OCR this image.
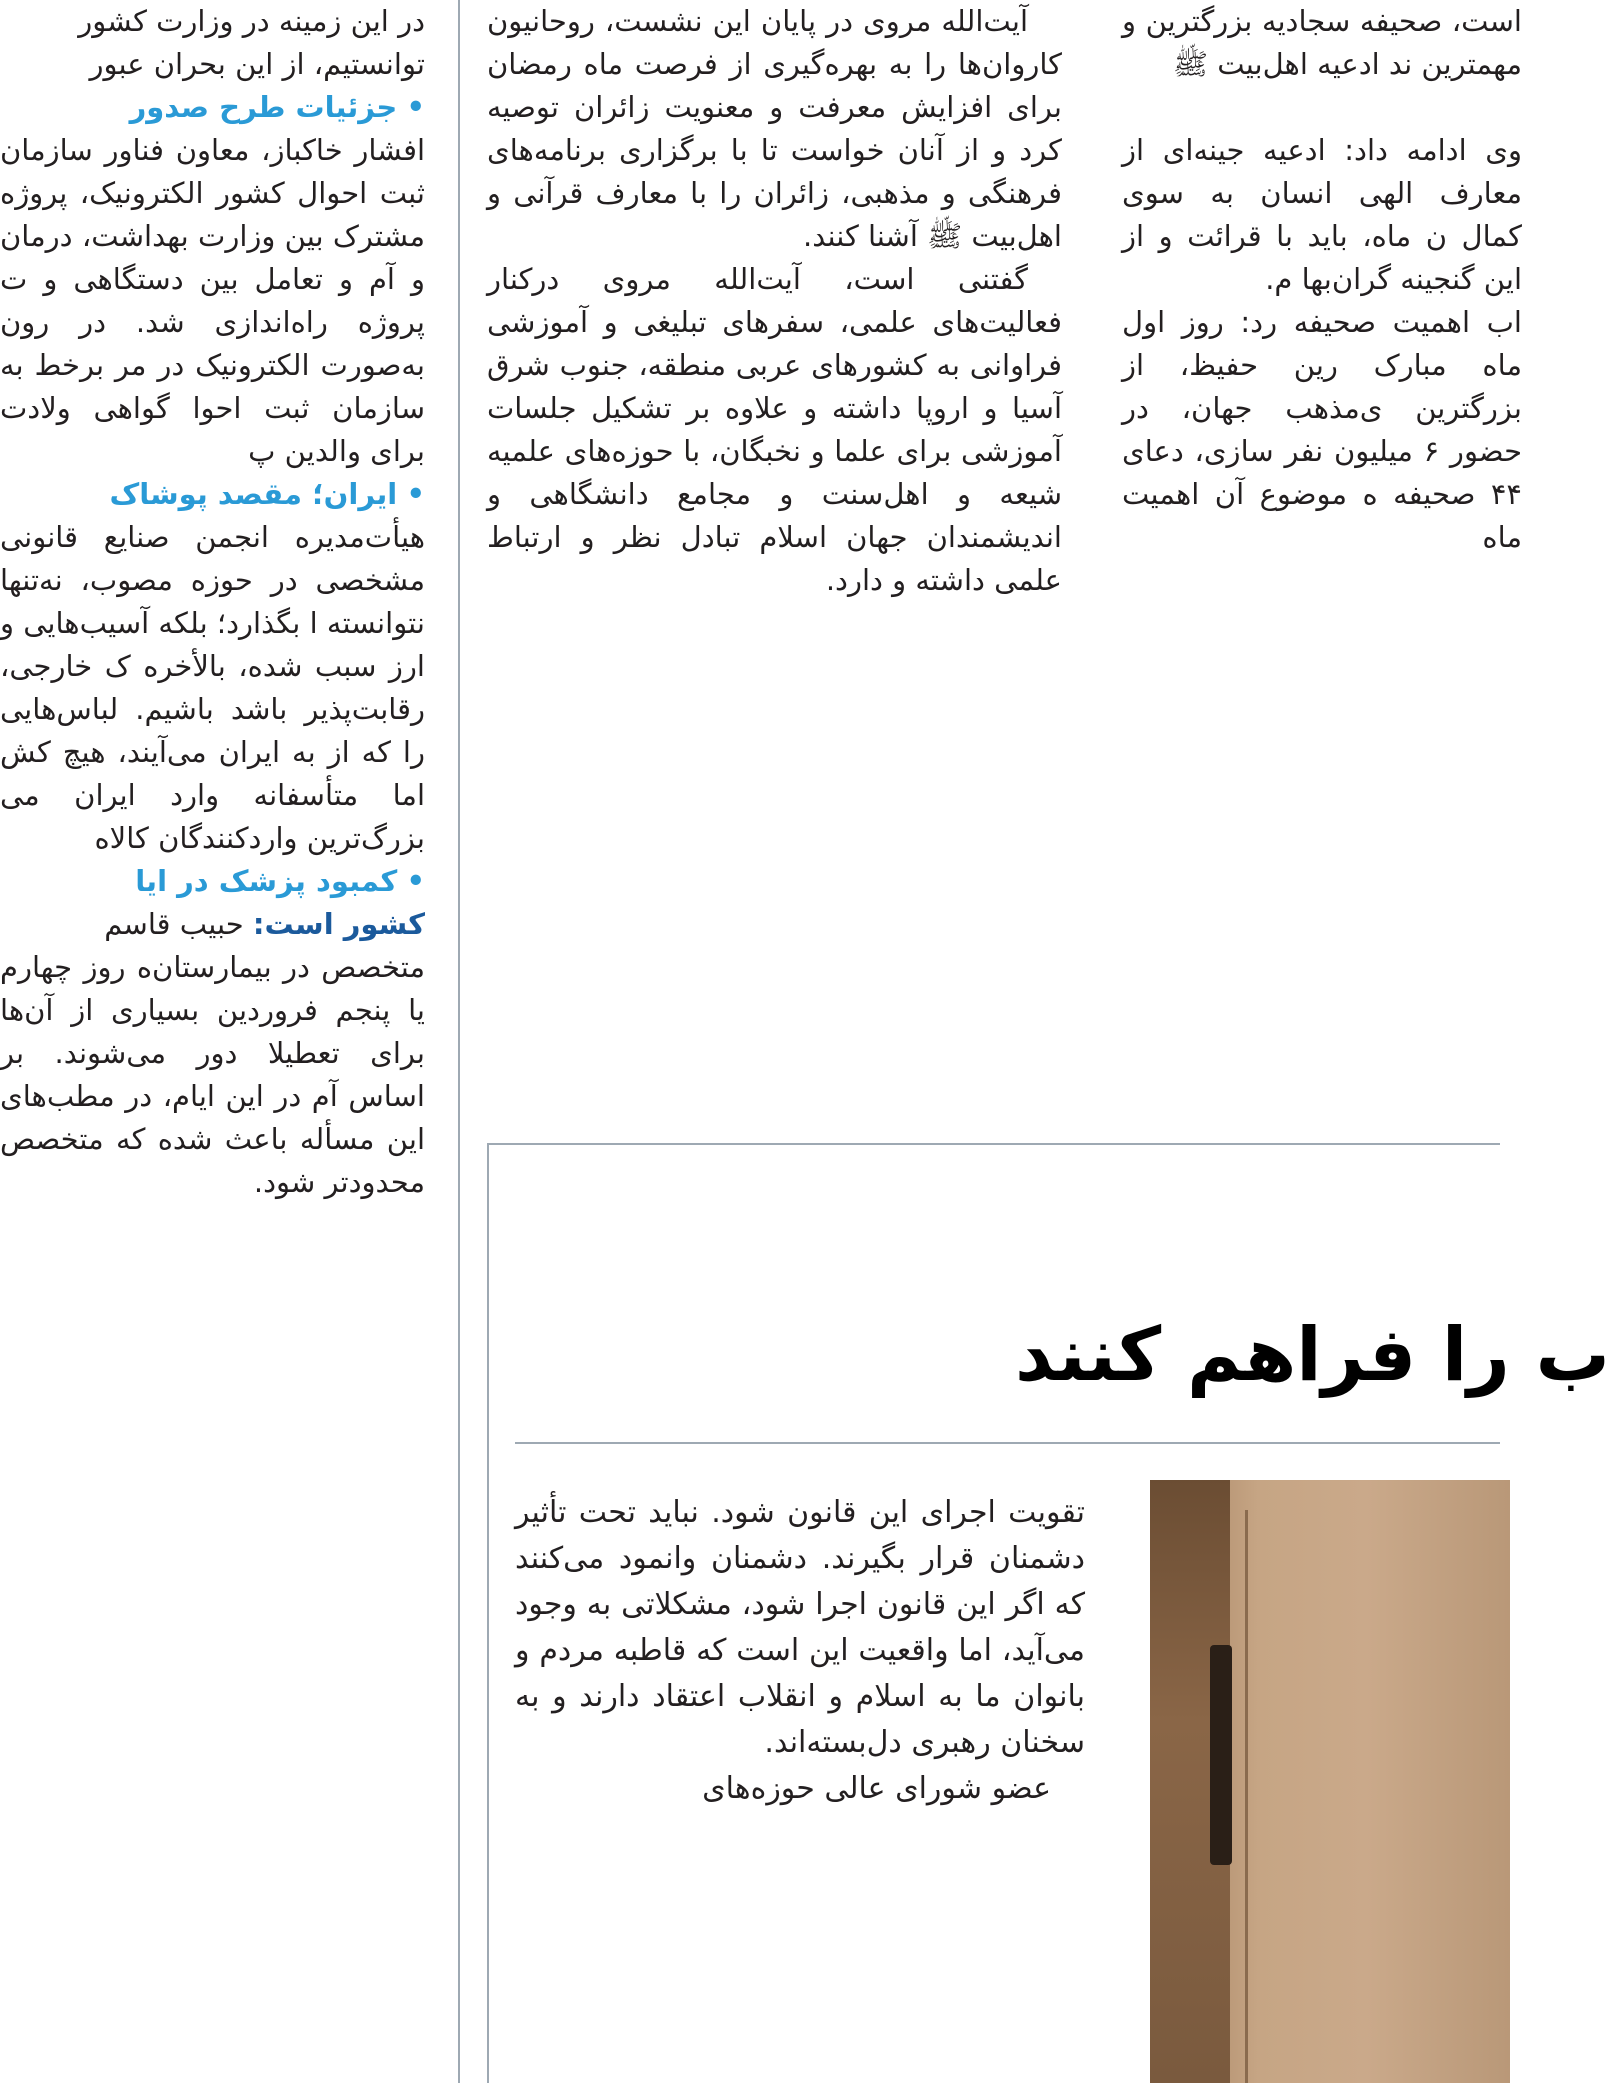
در این زمینه در وزارت کشور

توانستیم، از این بحران عبور

• جزئیات طرح صدور

افشار خاکباز، معاون فناور سازمان ثبت احوال کشور الکترونیک، پروژه مشترک بین وزارت بهداشت، درمان و آم و تعامل بین دستگاهی و ت پروژه راه‌اندازی شد. در رون به‌صورت الکترونیک در مر برخط به سازمان ثبت احوا گواهی ولادت برای والدین پ

• ایران؛ مقصد پوشاک

هیأت‌مدیره انجمن صنایع قانونی مشخصی در حوزه مصوب، نه‌تنها نتوانسته ا بگذارد؛ بلکه آسیب‌هایی و ارز سبب شده، بالأخره ک خارجی، رقابت‌پذیر باشد باشیم. لباس‌هایی را که از به ایران می‌آیند، هیچ کش اما متأسفانه وارد ایران می بزرگ‌ترین واردکنندگان کالاه

• کمبود پزشک در ایا

کشور است: حبیب قاسم

متخصص در بیمارستان‌ه روز چهارم یا پنجم فروردین بسیاری از آن‌ها برای تعطیلا دور می‌شوند. بر اساس آم در این ایام، در مطب‌های این مسأله باعث شده که متخصص محدودتر شود.

آیت‌الله مروی در پایان این نشست، روحانیون کاروان‌ها را به بهره‌گیری از فرصت ماه رمضان برای افزایش معرفت و معنویت زائران توصیه کرد و از آنان خواست تا با برگزاری برنامه‌های فرهنگی و مذهبی، زائران را با معارف قرآنی و اهل‌بیت ﷺ آشنا کنند.

گفتنی است، آیت‌الله مروی درکنار فعالیت‌های علمی، سفرهای تبلیغی و آموزشی فراوانی به کشورهای عربی منطقه، جنوب شرق آسیا و اروپا داشته و علاوه بر تشکیل جلسات آموزشی برای علما و نخبگان، با حوزه‌های علمیه شیعه و اهل‌سنت و مجامع دانشگاهی و اندیشمندان جهان اسلام تبادل نظر و ارتباط علمی داشته و دارد.

است، صحیفه سجادیه بزرگترین و مهمترین ند ادعیه اهل‌بیت ﷺ

وی ادامه داد: ادعیه جینه‌ای از معارف الهی انسان به سوی کمال ن ماه، باید با قرائت و از این گنجینه گران‌بها م.

اب اهمیت صحیفه رد: روز اول ماه مبارک رین حفیظ، از بزرگترین ی‌مذهب جهان، در حضور ۶ میلیون نفر سازی، دعای ۴۴ صحیفه ه موضوع آن اهمیت ماه

ب را فراهم کنند

تقویت اجرای این قانون شود. نباید تحت تأثیر دشمنان قرار بگیرند. دشمنان وانمود می‌کنند که اگر این قانون اجرا شود، مشکلاتی به وجود می‌آید، اما واقعیت این است که قاطبه مردم و بانوان ما به اسلام و انقلاب اعتقاد دارند و به سخنان رهبری دل‌بسته‌اند.

عضو شورای عالی حوزه‌های
